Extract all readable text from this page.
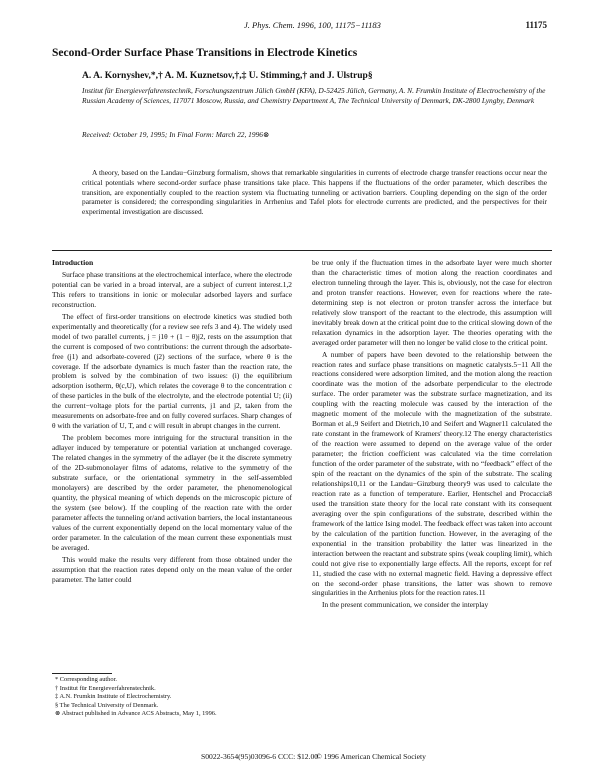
J. Phys. Chem. 1996, 100, 11175−11183	11175
Second-Order Surface Phase Transitions in Electrode Kinetics
A. A. Kornyshev,*,† A. M. Kuznetsov,†,‡ U. Stimming,† and J. Ulstrup§
Institut für Energieverfahrenstechnik, Forschungszentrum Jülich GmbH (KFA), D-52425 Jülich, Germany, A. N. Frumkin Institute of Electrochemistry of the Russian Academy of Sciences, 117071 Moscow, Russia, and Chemistry Department A, The Technical University of Denmark, DK-2800 Lyngby, Denmark
Received: October 19, 1995; In Final Form: March 22, 1996⊗

A theory, based on the Landau−Ginzburg formalism, shows that remarkable singularities in currents of electrode charge transfer reactions occur near the critical potentials where second-order surface phase transitions take place. This happens if the fluctuations of the order parameter, which describes the transition, are exponentially coupled to the reaction system via fluctuating tunneling or activation barriers. Coupling depending on the sign of the order parameter is considered; the corresponding singularities in Arrhenius and Tafel plots for electrode currents are predicted, and the perspectives for their experimental investigation are discussed.

Introduction

Surface phase transitions at the electrochemical interface, where the electrode potential can be varied in a broad interval, are a subject of current interest.1,2 This refers to transitions in ionic or molecular adsorbed layers and surface reconstruction.

The effect of first-order transitions on electrode kinetics was studied both experimentally and theoretically (for a review see refs 3 and 4). The widely used model of two parallel currents, j = j1θ + (1 − θ)j2, rests on the assumption that the current is composed of two contributions: the current through the adsorbate-free (j1) and adsorbate-covered (j2) sections of the surface, where θ is the coverage. If the adsorbate dynamics is much faster than the reaction rate, the problem is solved by the combination of two issues: (i) the equilibrium adsorption isotherm, θ(c,U), which relates the coverage θ to the concentration c of these particles in the bulk of the electrolyte, and the electrode potential U; (ii) the current−voltage plots for the partial currents, j1 and j2, taken from the measurements on adsorbate-free and on fully covered surfaces. Sharp changes of θ with the variation of U, T, and c will result in abrupt changes in the current.

The problem becomes more intriguing for the structural transition in the adlayer induced by temperature or potential variation at unchanged coverage. The related changes in the symmetry of the adlayer (be it the discrete symmetry of the 2D-submonolayer films of adatoms, relative to the symmetry of the substrate surface, or the orientational symmetry in the self-assembled monolayers) are described by the order parameter, the phenomenological quantity, the physical meaning of which depends on the microscopic picture of the system (see below). If the coupling of the reaction rate with the order parameter affects the tunneling or/and activation barriers, the local instantaneous values of the current exponentially depend on the local momentary value of the order parameter. In the calculation of the mean current these exponentials must be averaged.

This would make the results very different from those obtained under the assumption that the reaction rates depend only on the mean value of the order parameter. The latter could

be true only if the fluctuation times in the adsorbate layer were much shorter than the characteristic times of motion along the reaction coordinates and electron tunneling through the layer. This is, obviously, not the case for electron and proton transfer reactions. However, even for reactions where the rate-determining step is not electron or proton transfer across the interface but relatively slow transport of the reactant to the electrode, this assumption will inevitably break down at the critical point due to the critical slowing down of the relaxation dynamics in the adsorption layer. The theories operating with the averaged order parameter will then no longer be valid close to the critical point.

A number of papers have been devoted to the relationship between the reaction rates and surface phase transitions on magnetic catalysts.5−11 All the reactions considered were adsorption limited, and the motion along the reaction coordinate was the motion of the adsorbate perpendicular to the electrode surface. The order parameter was the substrate surface magnetization, and its coupling with the reacting molecule was caused by the interaction of the magnetic moment of the molecule with the magnetization of the substrate. Borman et al.,9 Seifert and Dietrich,10 and Seifert and Wagner11 calculated the rate constant in the framework of Kramers' theory.12 The energy characteristics of the reaction were assumed to depend on the average value of the order parameter; the friction coefficient was calculated via the time correlation function of the order parameter of the substrate, with no “feedback” effect of the spin of the reactant on the dynamics of the spin of the substrate. The scaling relationships10,11 or the Landau−Ginzburg theory9 was used to calculate the reaction rate as a function of temperature. Earlier, Hentschel and Procaccia8 used the transition state theory for the local rate constant with its consequent averaging over the spin configurations of the substrate, described within the framework of the lattice Ising model. The feedback effect was taken into account by the calculation of the partition function. However, in the averaging of the exponential in the transition probability the latter was linearized in the interaction between the reactant and substrate spins (weak coupling limit), which could not give rise to exponentially large effects. All the reports, except for ref 11, studied the case with no external magnetic field. Having a depressive effect on the second-order phase transitions, the latter was shown to remove singularities in the Arrhenius plots for the reaction rates.11

In the present communication, we consider the interplay

* Corresponding author.
† Institut für Energieverfahrenstechnik.
‡ A.N. Frumkin Institute of Electrochemistry.
§ The Technical University of Denmark.
⊗ Abstract published in Advance ACS Abstracts, May 1, 1996.
S0022-3654(95)03096-6 CCC: $12.00
© 1996 American Chemical Society
